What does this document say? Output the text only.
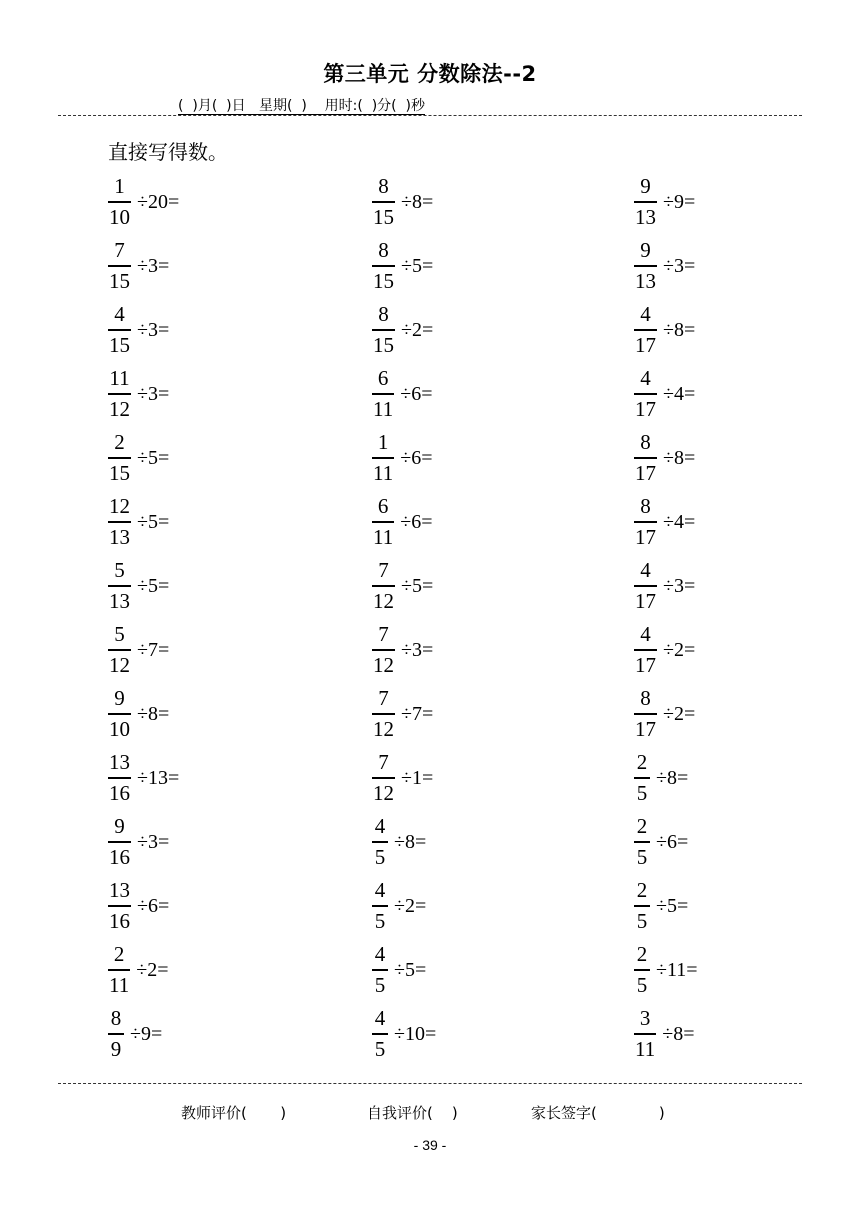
第三单元 分数除法--2
(  )月(  )日   星期(  )    用时:(  )分(  )秒
直接写得数。
$\frac{1}{10} \div 20=$
$\frac{7}{15} \div 3=$
$\frac{4}{15} \div 3=$
$\frac{11}{12} \div 3=$
$\frac{2}{15} \div 5=$
$\frac{12}{13} \div 5=$
$\frac{5}{13} \div 5=$
$\frac{5}{12} \div 7=$
$\frac{9}{10} \div 8=$
$\frac{13}{16} \div 13=$
$\frac{9}{16} \div 3=$
$\frac{13}{16} \div 6=$
$\frac{2}{11} \div 2=$
$\frac{8}{9} \div 9=$
$\frac{8}{15} \div 8=$
$\frac{8}{15} \div 5=$
$\frac{8}{15} \div 2=$
$\frac{6}{11} \div 6=$
$\frac{1}{11} \div 6=$
$\frac{6}{11} \div 6=$
$\frac{7}{12} \div 5=$
$\frac{7}{12} \div 3=$
$\frac{7}{12} \div 7=$
$\frac{7}{12} \div 1=$
$\frac{4}{5} \div 8=$
$\frac{4}{5} \div 2=$
$\frac{4}{5} \div 5=$
$\frac{4}{5} \div 10=$
$\frac{9}{13} \div 9=$
$\frac{9}{13} \div 3=$
$\frac{4}{17} \div 8=$
$\frac{4}{17} \div 4=$
$\frac{8}{17} \div 8=$
$\frac{8}{17} \div 4=$
$\frac{4}{17} \div 3=$
$\frac{4}{17} \div 2=$
$\frac{8}{17} \div 2=$
$\frac{2}{5} \div 8=$
$\frac{2}{5} \div 6=$
$\frac{2}{5} \div 5=$
$\frac{2}{5} \div 11=$
$\frac{3}{11} \div 8=$
教师评价(       )	自我评价(    )	家长签字(             )
- 39 -
